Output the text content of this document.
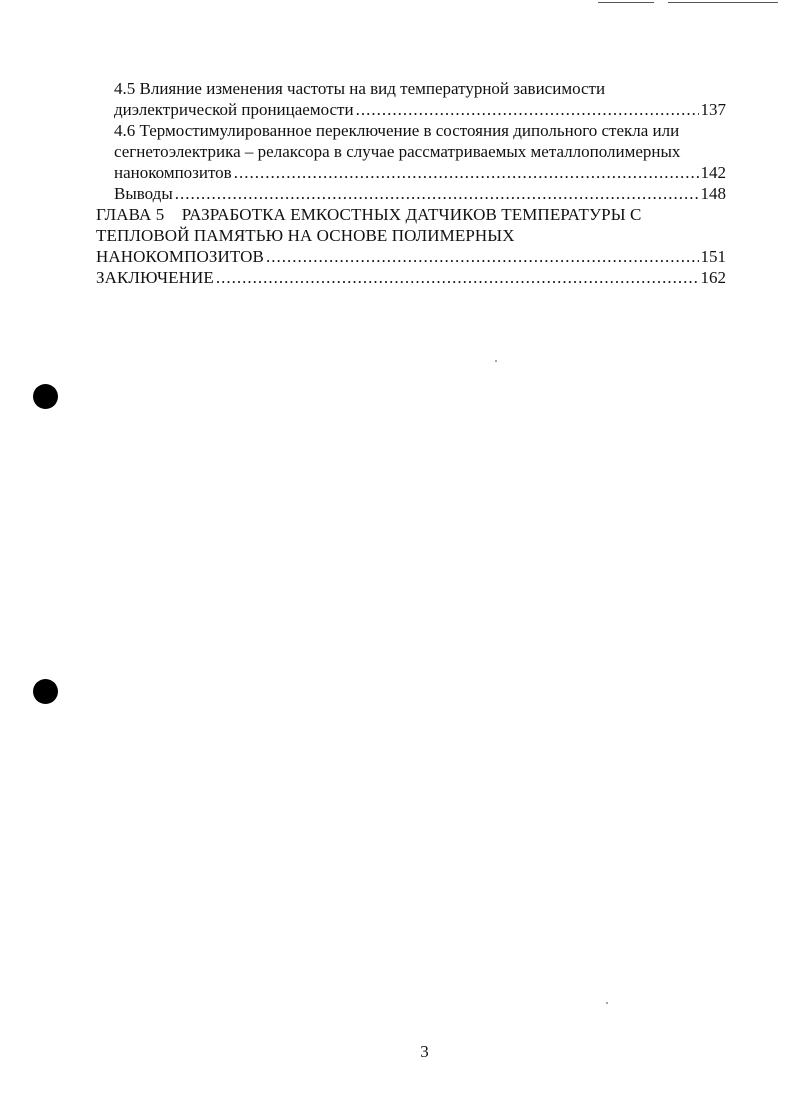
4.5 Влияние изменения частоты на вид температурной зависимости
диэлектрической проницаемости .....	137
4.6 Термостимулированное переключение в состояния дипольного стекла или
сегнетоэлектрика – релаксора в случае рассматриваемых металлополимерных
нанокомпозитов .....	142
Выводы .....	148
ГЛАВА 5    РАЗРАБОТКА ЕМКОСТНЫХ ДАТЧИКОВ ТЕМПЕРАТУРЫ С
ТЕПЛОВОЙ ПАМЯТЬЮ НА ОСНОВЕ ПОЛИМЕРНЫХ
НАНОКОМПОЗИТОВ .....	151
ЗАКЛЮЧЕНИЕ .....	162
3
